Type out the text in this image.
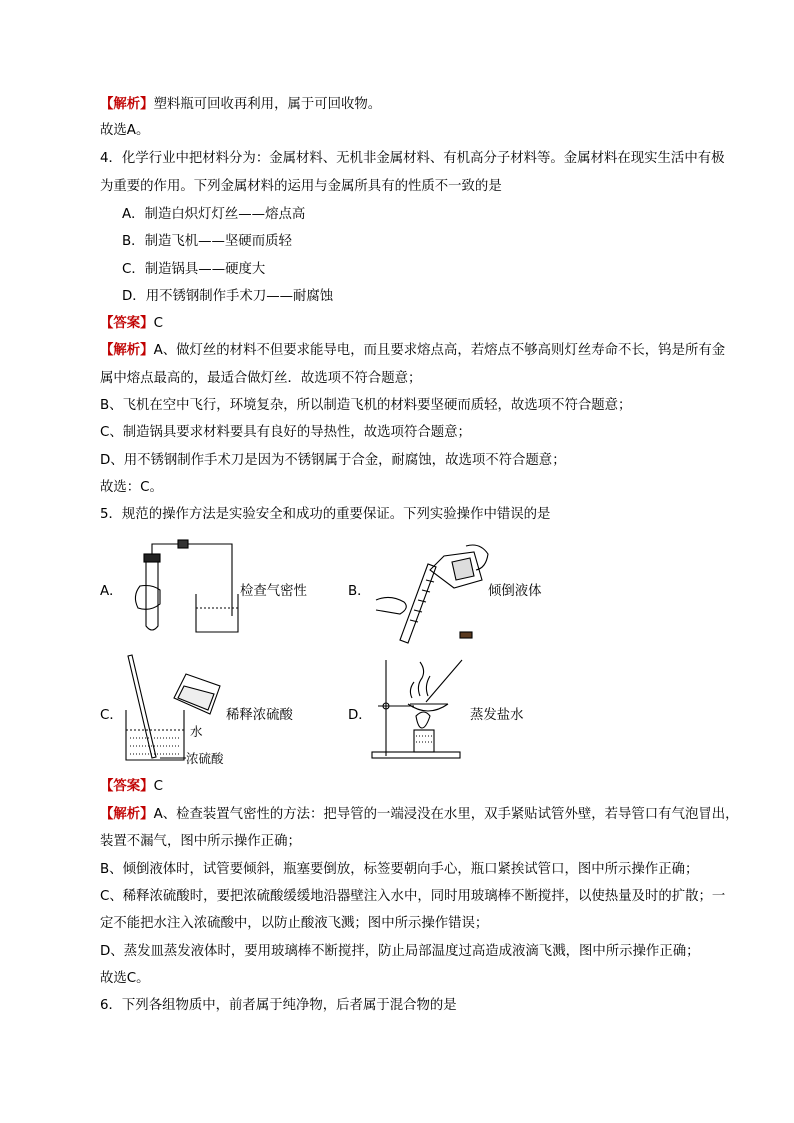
【解析】塑料瓶可回收再利用，属于可回收物。
故选A。
4．化学行业中把材料分为：金属材料、无机非金属材料、有机高分子材料等。金属材料在现实生活中有极
为重要的作用。下列金属材料的运用与金属所具有的性质不一致的是
A．制造白炽灯灯丝——熔点高
B．制造飞机——坚硬而质轻
C．制造锅具——硬度大
D．用不锈钢制作手术刀——耐腐蚀
【答案】C
【解析】A、做灯丝的材料不但要求能导电，而且要求熔点高，若熔点不够高则灯丝寿命不长，钨是所有金
属中熔点最高的，最适合做灯丝．故选项不符合题意；
B、飞机在空中飞行，环境复杂，所以制造飞机的材料要坚硬而质轻，故选项不符合题意；
C、制造锅具要求材料要具有良好的导热性，故选项符合题意；
D、用不锈钢制作手术刀是因为不锈钢属于合金，耐腐蚀，故选项不符合题意；
故选：C。
5．规范的操作方法是实验安全和成功的重要保证。下列实验操作中错误的是
A．	检查气密性	B．	倾倒液体
C．	稀释浓硫酸
水
浓硫酸
D．	蒸发盐水
【答案】C
【解析】A、检查装置气密性的方法：把导管的一端浸没在水里，双手紧贴试管外壁，若导管口有气泡冒出，
装置不漏气，图中所示操作正确；
B、倾倒液体时，试管要倾斜，瓶塞要倒放，标签要朝向手心，瓶口紧挨试管口，图中所示操作正确；
C、稀释浓硫酸时，要把浓硫酸缓缓地沿器壁注入水中，同时用玻璃棒不断搅拌，以使热量及时的扩散；一
定不能把水注入浓硫酸中，以防止酸液飞溅；图中所示操作错误；
D、蒸发皿蒸发液体时，要用玻璃棒不断搅拌，防止局部温度过高造成液滴飞溅，图中所示操作正确；
故选C。
6．下列各组物质中，前者属于纯净物，后者属于混合物的是
